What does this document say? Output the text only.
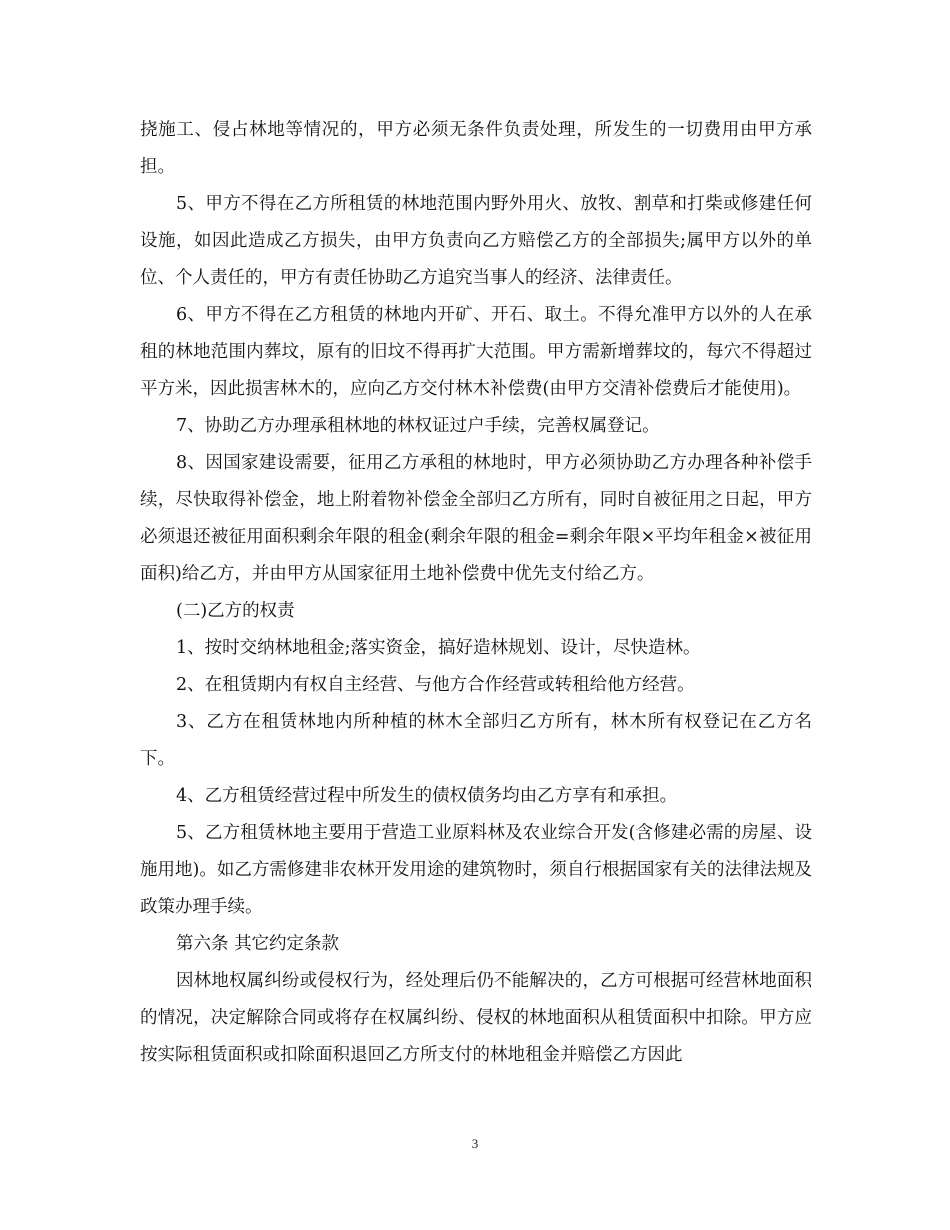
挠施工、侵占林地等情况的，甲方必须无条件负责处理，所发生的一切费用由甲方承担。

5、甲方不得在乙方所租赁的林地范围内野外用火、放牧、割草和打柴或修建任何设施，如因此造成乙方损失，由甲方负责向乙方赔偿乙方的全部损失;属甲方以外的单位、个人责任的，甲方有责任协助乙方追究当事人的经济、法律责任。

6、甲方不得在乙方租赁的林地内开矿、开石、取土。不得允准甲方以外的人在承租的林地范围内葬坟，原有的旧坟不得再扩大范围。甲方需新增葬坟的，每穴不得超过 平方米，因此损害林木的，应向乙方交付林木补偿费(由甲方交清补偿费后才能使用)。

7、协助乙方办理承租林地的林权证过户手续，完善权属登记。

8、因国家建设需要，征用乙方承租的林地时，甲方必须协助乙方办理各种补偿手续，尽快取得补偿金，地上附着物补偿金全部归乙方所有，同时自被征用之日起，甲方必须退还被征用面积剩余年限的租金(剩余年限的租金=剩余年限×平均年租金×被征用面积)给乙方，并由甲方从国家征用土地补偿费中优先支付给乙方。

(二)乙方的权责

1、按时交纳林地租金;落实资金，搞好造林规划、设计，尽快造林。

2、在租赁期内有权自主经营、与他方合作经营或转租给他方经营。

3、乙方在租赁林地内所种植的林木全部归乙方所有，林木所有权登记在乙方名下。

4、乙方租赁经营过程中所发生的债权债务均由乙方享有和承担。

5、乙方租赁林地主要用于营造工业原料林及农业综合开发(含修建必需的房屋、设施用地)。如乙方需修建非农林开发用途的建筑物时，须自行根据国家有关的法律法规及政策办理手续。

第六条 其它约定条款

因林地权属纠纷或侵权行为，经处理后仍不能解决的，乙方可根据可经营林地面积的情况，决定解除合同或将存在权属纠纷、侵权的林地面积从租赁面积中扣除。甲方应按实际租赁面积或扣除面积退回乙方所支付的林地租金并赔偿乙方因此

3
